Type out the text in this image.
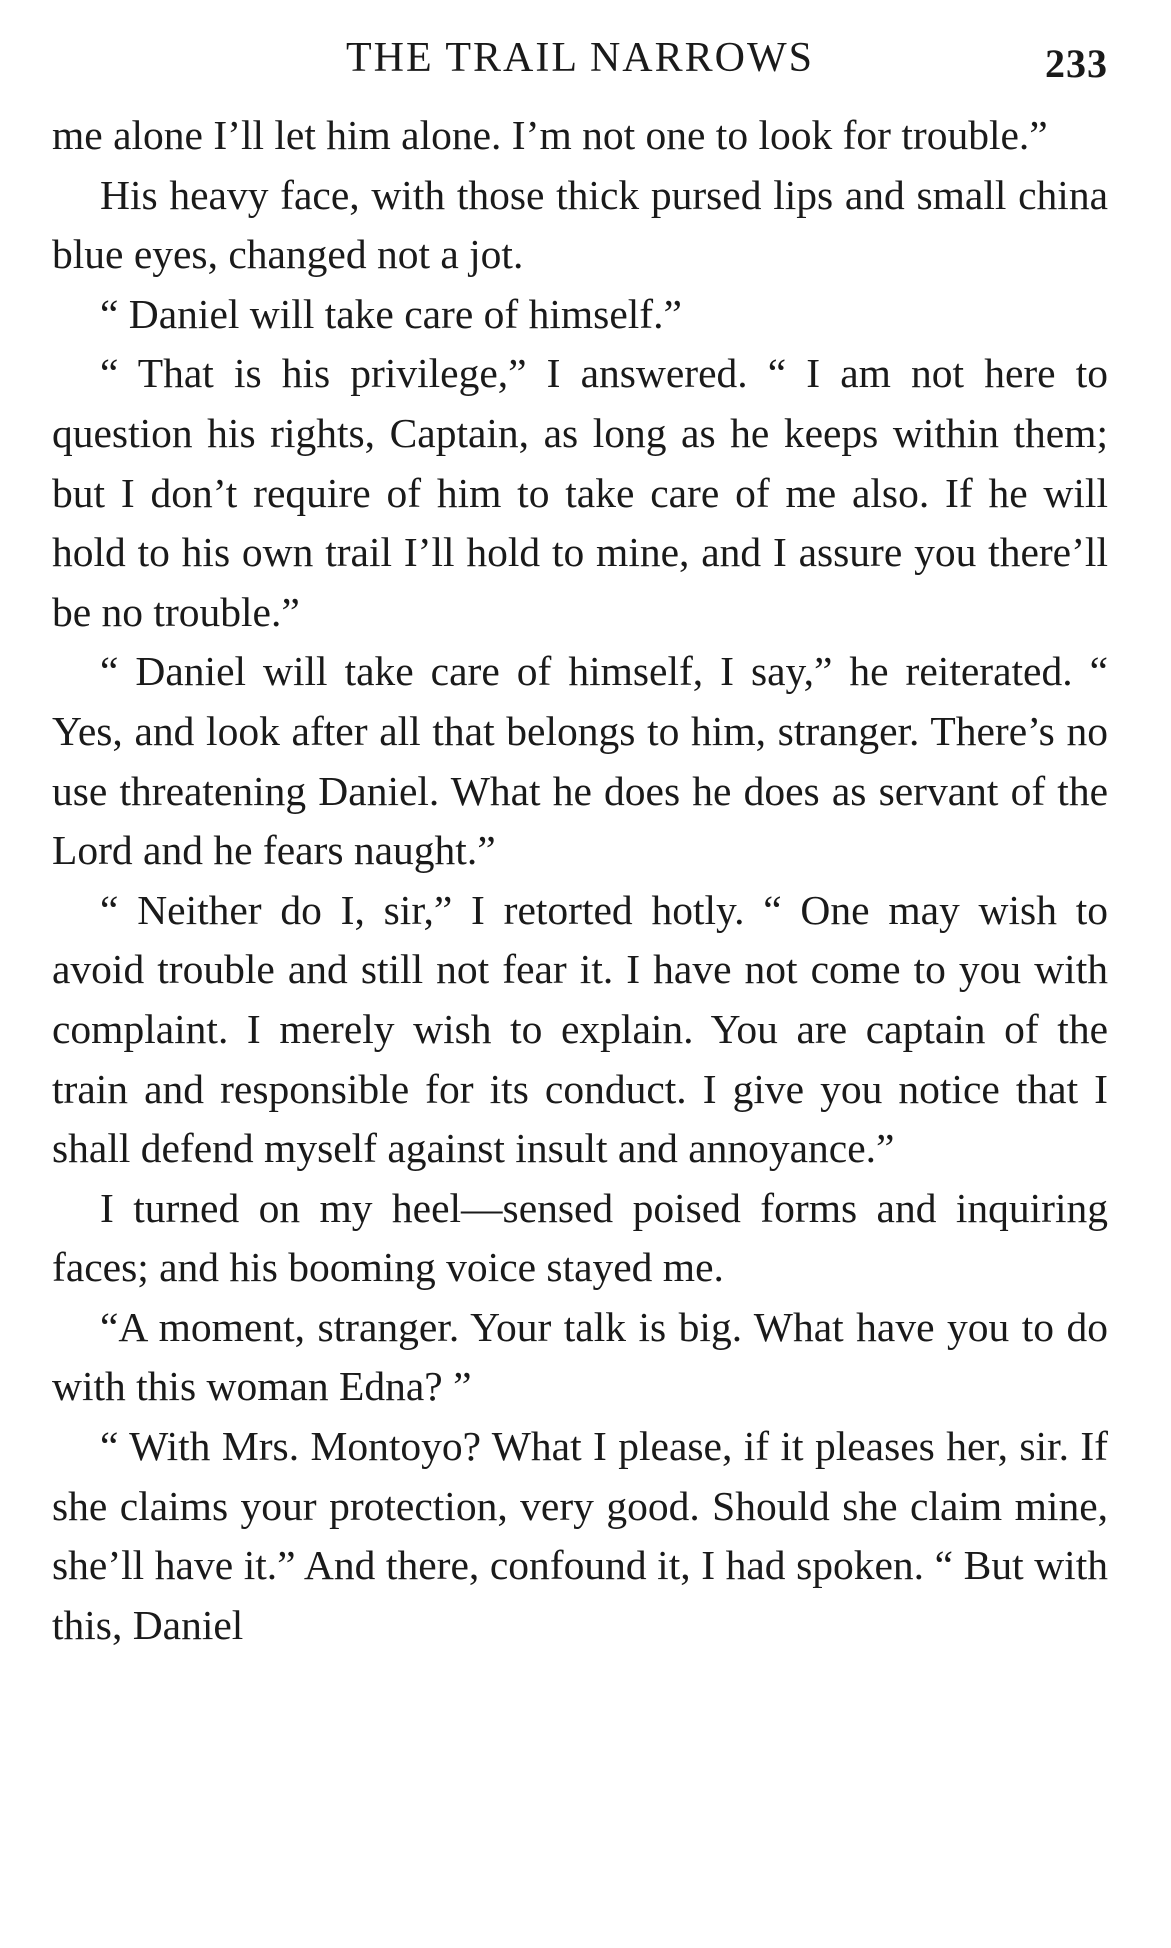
THE TRAIL NARROWS	233

me alone I’ll let him alone. I’m not one to look for trouble.”

His heavy face, with those thick pursed lips and small china blue eyes, changed not a jot.

“ Daniel will take care of himself.”

“ That is his privilege,” I answered. “ I am not here to question his rights, Captain, as long as he keeps within them; but I don’t require of him to take care of me also. If he will hold to his own trail I’ll hold to mine, and I assure you there’ll be no trouble.”

“ Daniel will take care of himself, I say,” he reiterated. “ Yes, and look after all that belongs to him, stranger. There’s no use threatening Daniel. What he does he does as servant of the Lord and he fears naught.”

“ Neither do I, sir,” I retorted hotly. “ One may wish to avoid trouble and still not fear it. I have not come to you with complaint. I merely wish to explain. You are captain of the train and responsible for its conduct. I give you notice that I shall defend myself against insult and annoyance.”

I turned on my heel—sensed poised forms and inquiring faces; and his booming voice stayed me.

“A moment, stranger. Your talk is big. What have you to do with this woman Edna? ”

“ With Mrs. Montoyo? What I please, if it pleases her, sir. If she claims your protection, very good. Should she claim mine, she’ll have it.” And there, confound it, I had spoken. “ But with this, Daniel
